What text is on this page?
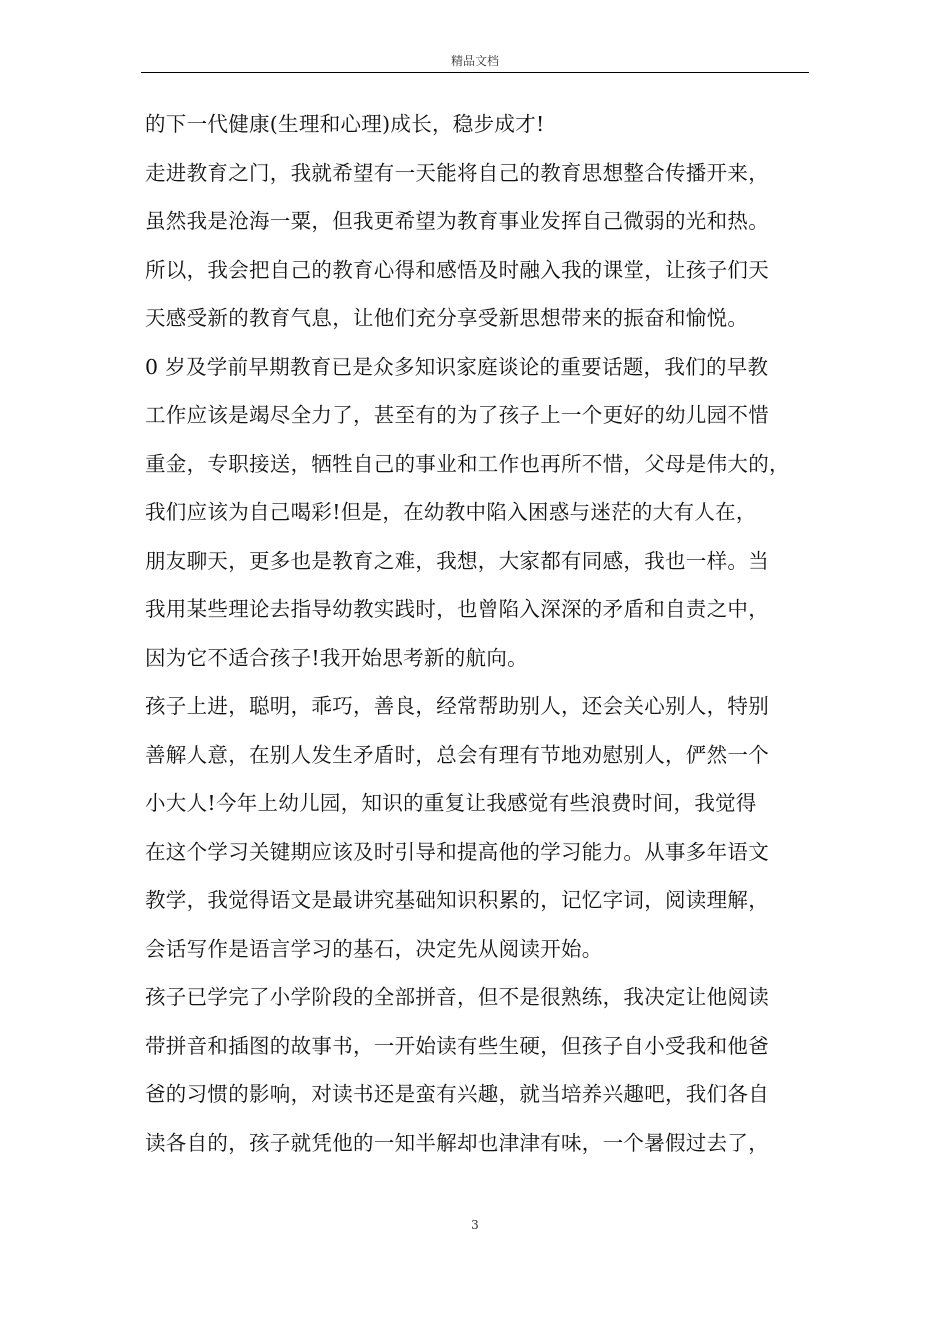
精品文档
的下一代健康(生理和心理)成长，稳步成才!
走进教育之门，我就希望有一天能将自己的教育思想整合传播开来，
虽然我是沧海一粟，但我更希望为教育事业发挥自己微弱的光和热。
所以，我会把自己的教育心得和感悟及时融入我的课堂，让孩子们天
天感受新的教育气息，让他们充分享受新思想带来的振奋和愉悦。
0 岁及学前早期教育已是众多知识家庭谈论的重要话题，我们的早教
工作应该是竭尽全力了，甚至有的为了孩子上一个更好的幼儿园不惜
重金，专职接送，牺牲自己的事业和工作也再所不惜，父母是伟大的，
我们应该为自己喝彩!但是，在幼教中陷入困惑与迷茫的大有人在，
朋友聊天，更多也是教育之难，我想，大家都有同感，我也一样。当
我用某些理论去指导幼教实践时，也曾陷入深深的矛盾和自责之中，
因为它不适合孩子!我开始思考新的航向。
孩子上进，聪明，乖巧，善良，经常帮助别人，还会关心别人，特别
善解人意，在别人发生矛盾时，总会有理有节地劝慰别人，俨然一个
小大人!今年上幼儿园，知识的重复让我感觉有些浪费时间，我觉得
在这个学习关键期应该及时引导和提高他的学习能力。从事多年语文
教学，我觉得语文是最讲究基础知识积累的，记忆字词，阅读理解，
会话写作是语言学习的基石，决定先从阅读开始。
孩子已学完了小学阶段的全部拼音，但不是很熟练，我决定让他阅读
带拼音和插图的故事书，一开始读有些生硬，但孩子自小受我和他爸
爸的习惯的影响，对读书还是蛮有兴趣，就当培养兴趣吧，我们各自
读各自的，孩子就凭他的一知半解却也津津有味，一个暑假过去了，
3
